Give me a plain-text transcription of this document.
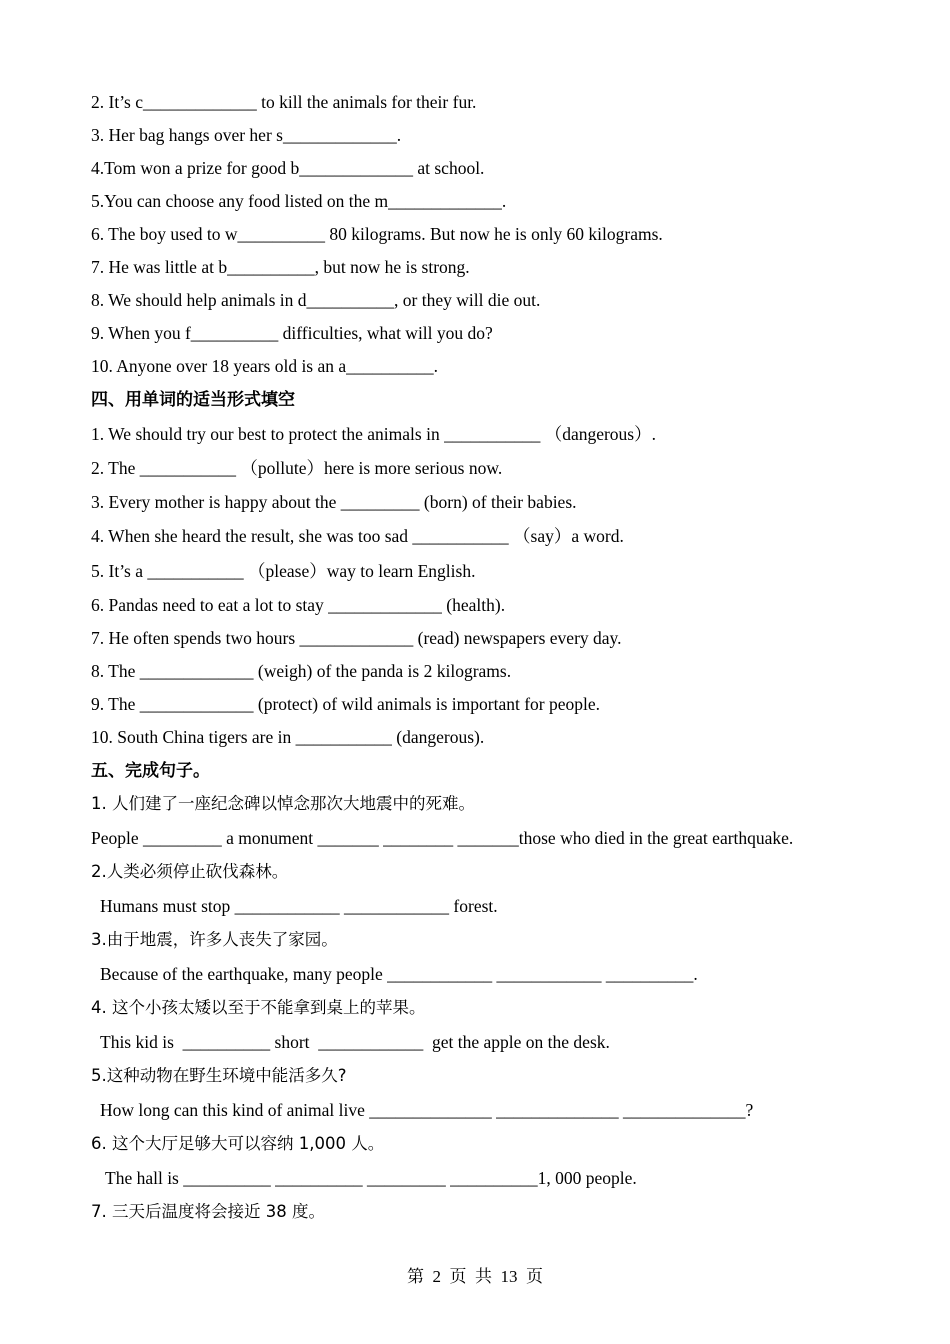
2. It’s c_____________ to kill the animals for their fur.
3. Her bag hangs over her s_____________.
4.Tom won a prize for good b_____________ at school.
5.You can choose any food listed on the m_____________.
6. The boy used to w__________ 80 kilograms. But now he is only 60 kilograms.
7. He was little at b__________, but now he is strong.
8. We should help animals in d__________, or they will die out.
9. When you f__________ difficulties, what will you do?
10. Anyone over 18 years old is an a__________.
四、用单词的适当形式填空
1. We should try our best to protect the animals in ___________ （dangerous）.
2. The ___________ （pollute）here is more serious now.
3. Every mother is happy about the _________ (born) of their babies.
4. When she heard the result, she was too sad ___________ （say）a word.
5. It’s a ___________ （please）way to learn English.
6. Pandas need to eat a lot to stay _____________ (health).
7. He often spends two hours _____________ (read) newspapers every day.
8. The _____________ (weigh) of the panda is 2 kilograms.
9. The _____________ (protect) of wild animals is important for people.
10. South China tigers are in ___________ (dangerous).
五、完成句子。
1. 人们建了一座纪念碑以悼念那次大地震中的死难。
People _________ a monument _______ ________ _______those who died in the great earthquake.
2.人类必须停止砍伐森林。
Humans must stop ____________ ____________ forest.
3.由于地震，许多人丧失了家园。
Because of the earthquake, many people ____________ ____________ __________.
4. 这个小孩太矮以至于不能拿到桌上的苹果。
This kid is  __________ short  ____________  get the apple on the desk.
5.这种动物在野生环境中能活多久?
How long can this kind of animal live ______________ ______________ ______________?
6. 这个大厅足够大可以容纳 1,000 人。
The hall is __________ __________ _________ __________1, 000 people.
7. 三天后温度将会接近 38 度。
第  2  页  共  13  页
